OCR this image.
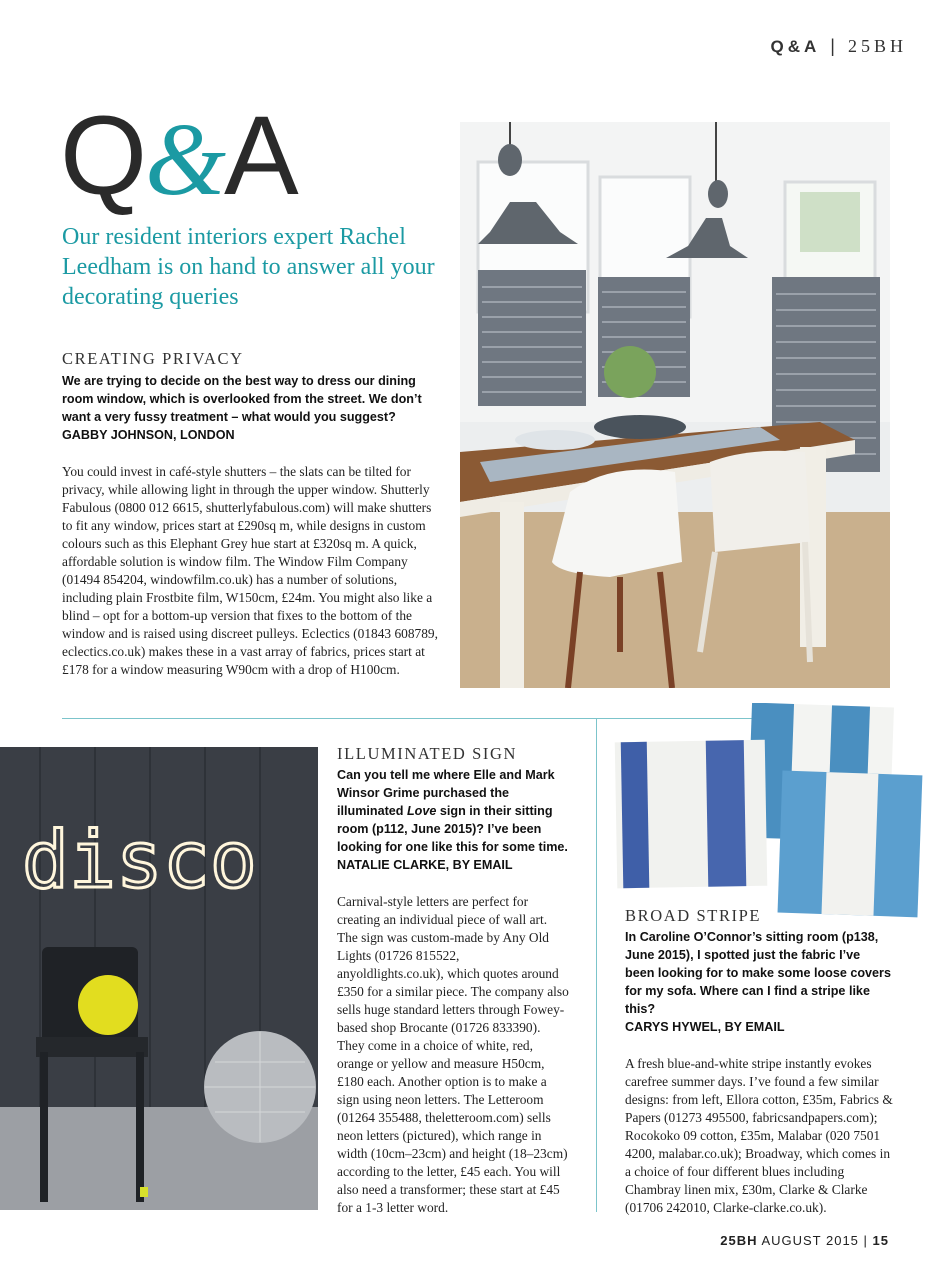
Q&A | 25BH
Q&A
Our resident interiors expert Rachel Leedham is on hand to answer all your decorating queries
CREATING PRIVACY
We are trying to decide on the best way to dress our dining room window, which is overlooked from the street. We don’t want a very fussy treatment – what would you suggest?
GABBY JOHNSON, LONDON
You could invest in café-style shutters – the slats can be tilted for privacy, while allowing light in through the upper window. Shutterly Fabulous (0800 012 6615, shutterlyfabulous.com) will make shutters to fit any window, prices start at £290sq m, while designs in custom colours such as this Elephant Grey hue start at £320sq m. A quick, affordable solution is window film. The Window Film Company (01494 854204, windowfilm.co.uk) has a number of solutions, including plain Frostbite film, W150cm, £24m. You might also like a blind – opt for a bottom-up version that fixes to the bottom of the window and is raised using discreet pulleys. Eclectics (01843 608789, eclectics.co.uk) makes these in a vast array of fabrics, prices start at £178 for a window measuring W90cm with a drop of H100cm.
disco
ILLUMINATED SIGN
Can you tell me where Elle and Mark Winsor Grime purchased the illuminated Love sign in their sitting room (p112, June 2015)? I’ve been looking for one like this for some time.
NATALIE CLARKE, BY EMAIL
Carnival-style letters are perfect for creating an individual piece of wall art. The sign was custom-made by Any Old Lights (01726 815522, anyoldlights.co.uk), which quotes around £350 for a similar piece. The company also sells huge standard letters through Fowey-based shop Brocante (01726 833390). They come in a choice of white, red, orange or yellow and measure H50cm, £180 each. Another option is to make a sign using neon letters. The Letteroom (01264 355488, theletteroom.com) sells neon letters (pictured), which range in width (10cm–23cm) and height (18–23cm) according to the letter, £45 each. You will also need a transformer; these start at £45 for a 1-3 letter word.
BROAD STRIPE
In Caroline O’Connor’s sitting room (p138, June 2015), I spotted just the fabric I’ve been looking for to make some loose covers for my sofa. Where can I find a stripe like this?
CARYS HYWEL, BY EMAIL
A fresh blue-and-white stripe instantly evokes carefree summer days. I’ve found a few similar designs: from left, Ellora cotton, £35m, Fabrics & Papers (01273 495500, fabricsandpapers.com); Rocokoko 09 cotton, £35m, Malabar (020 7501 4200, malabar.co.uk); Broadway, which comes in a choice of four different blues including Chambray linen mix, £30m, Clarke & Clarke (01706 242010, Clarke-clarke.co.uk).
25BH AUGUST 2015 | 15
